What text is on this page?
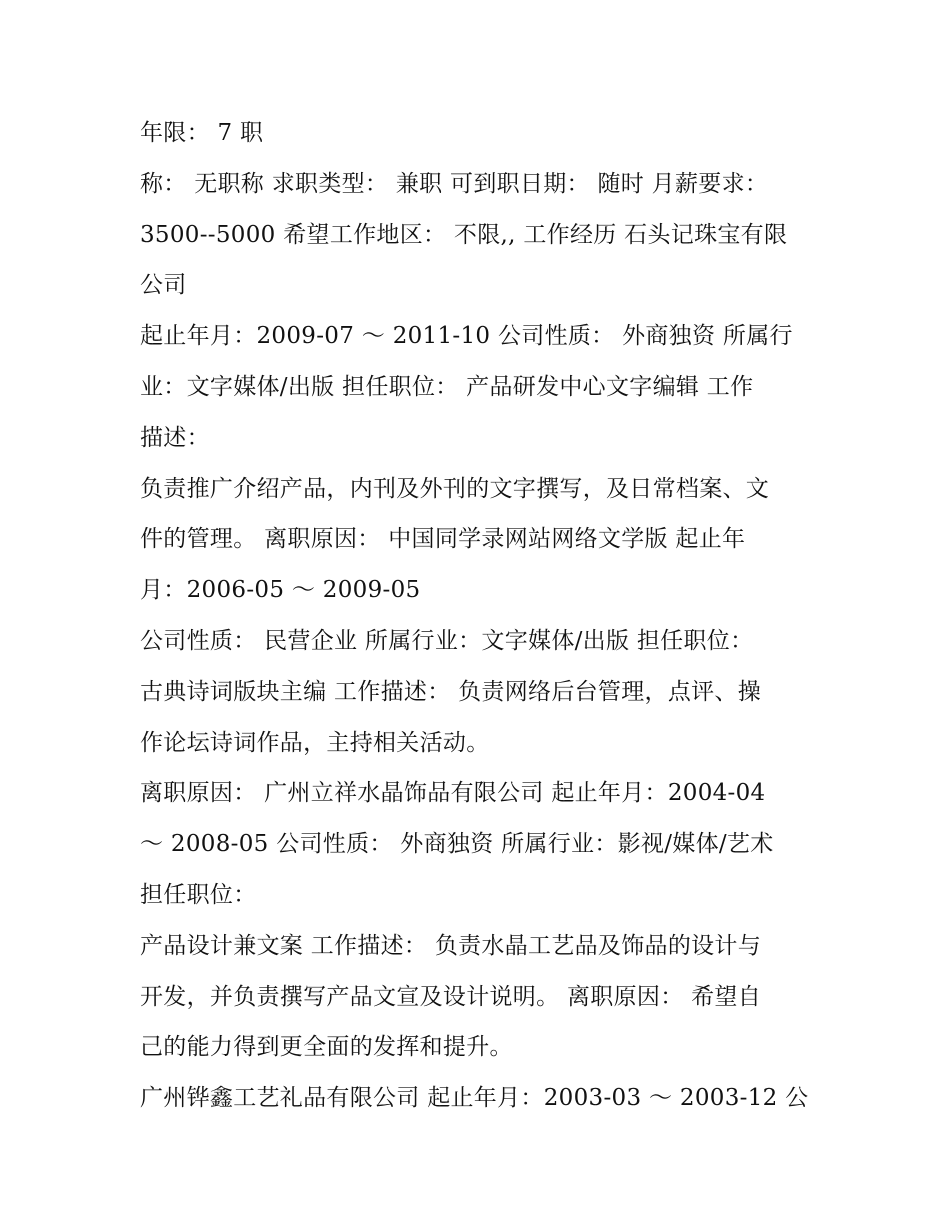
年限： 7 职
称： 无职称 求职类型： 兼职 可到职日期： 随时 月薪要求：
3500--5000 希望工作地区： 不限,, 工作经历 石头记珠宝有限
公司
起止年月：2009-07 ～ 2011-10 公司性质： 外商独资 所属行
业：文字媒体/出版 担任职位： 产品研发中心文字编辑 工作
描述：
负责推广介绍产品，内刊及外刊的文字撰写，及日常档案、文
件的管理。 离职原因： 中国同学录网站网络文学版 起止年
月：2006-05 ～ 2009-05
公司性质： 民营企业 所属行业：文字媒体/出版 担任职位：
古典诗词版块主编 工作描述： 负责网络后台管理，点评、操
作论坛诗词作品，主持相关活动。
离职原因： 广州立祥水晶饰品有限公司 起止年月：2004-04
～ 2008-05 公司性质： 外商独资 所属行业：影视/媒体/艺术
担任职位：
产品设计兼文案 工作描述： 负责水晶工艺品及饰品的设计与
开发，并负责撰写产品文宣及设计说明。 离职原因： 希望自
己的能力得到更全面的发挥和提升。
广州铧鑫工艺礼品有限公司 起止年月：2003-03 ～ 2003-12 公
